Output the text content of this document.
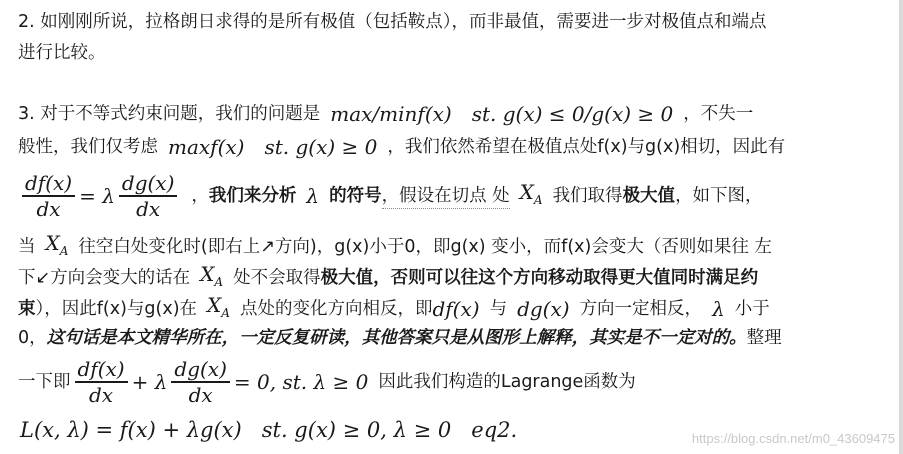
2. 如刚刚所说，拉格朗日求得的是所有极值（包括鞍点），而非最值，需要进一步对极值点和端点
进行比较。
3. 对于不等式约束问题，我们的问题是 max/minf(x) st. g(x) ≤ 0/g(x) ≥ 0 ，不失一
般性，我们仅考虑 maxf(x) st. g(x) ≥ 0 ，我们依然希望在极值点处f(x)与g(x)相切，因此有
$\frac{df(x)}{dx} = \lambda \frac{dg(x)}{dx}$ ， 我们来分析 λ 的符号 ，假设在切点 处 $X_A$ 我们取得 极大值 ，如下图，
当 $X_A$ 往空白处变化时(即右上↗方向)，g(x)小于0，即g(x) 变小，而f(x)会变大（否则如果往 左
下↙方向会变大的话在 $X_A$ 处不会取得 极大值，否则可以往这个方向移动取得更大值同时满足约
束 ），因此f(x)与g(x)在 $X_A$ 点处的变化方向相反，即 df(x) 与 dg(x) 方向一定相反， λ 小于
0， 这句话是本文精华所在，一定反复研读，其他答案只是从图形上解释，其实是不一定对的。 整理
一下即 $\frac{df(x)}{dx} + \lambda \frac{dg(x)}{dx} = 0$, st. λ ≥ 0 因此我们构造的Lagrange函数为
L(x, λ) = f(x) + λg(x)   st. g(x) ≥ 0, λ ≥ 0   eq2.	https://blog.csdn.net/m0_43609475
